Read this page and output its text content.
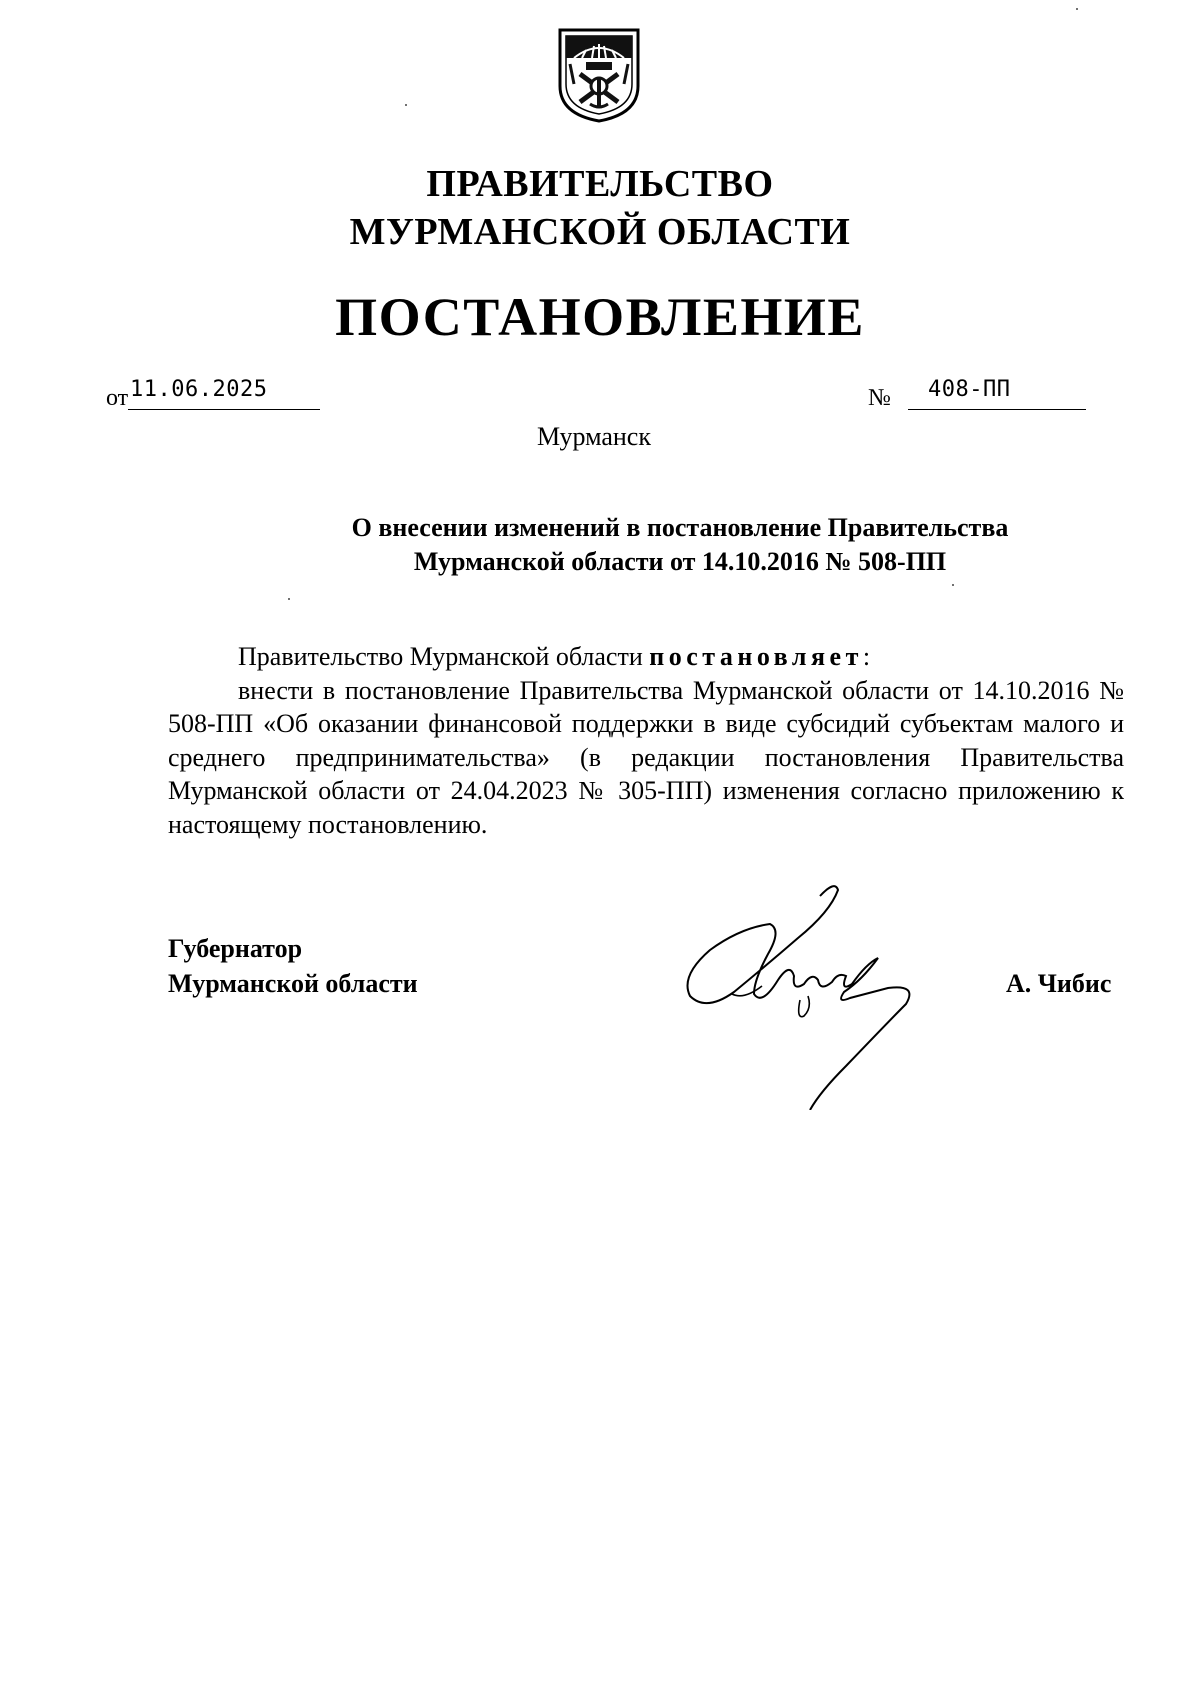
ПРАВИТЕЛЬСТВО
МУРМАНСКОЙ ОБЛАСТИ
ПОСТАНОВЛЕНИЕ
от 11.06.2025	№ 408-ПП
Мурманск
О внесении изменений в постановление Правительства
Мурманской области от 14.10.2016 № 508-ПП

Правительство Мурманской области постановляет:

внести в постановление Правительства Мурманской области от 14.10.2016 № 508-ПП «Об оказании финансовой поддержки в виде субсидий субъектам малого и среднего предпринимательства» (в редакции постановления Правительства Мурманской области от 24.04.2023 № 305-ПП) изменения согласно приложению к настоящему постановлению.

Губернатор
Мурманской области	А. Чибис
